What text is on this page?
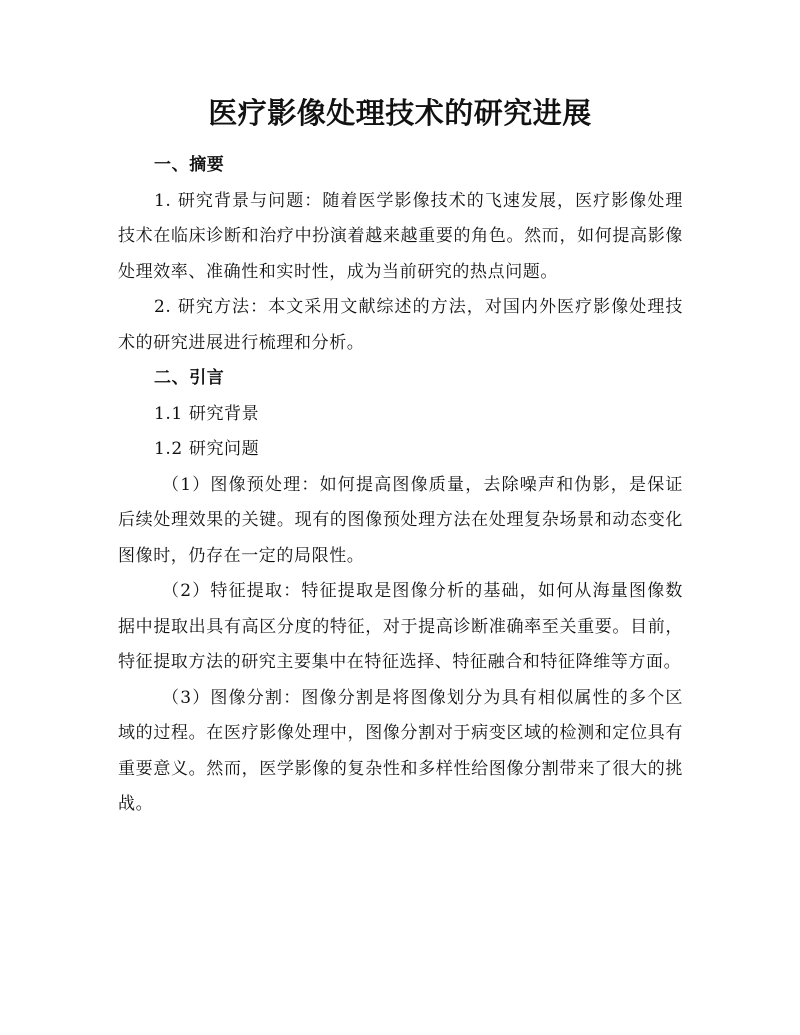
医疗影像处理技术的研究进展

一、摘要

1. 研究背景与问题：随着医学影像技术的飞速发展，医疗影像处理技术在临床诊断和治疗中扮演着越来越重要的角色。然而，如何提高影像处理效率、准确性和实时性，成为当前研究的热点问题。

2. 研究方法：本文采用文献综述的方法，对国内外医疗影像处理技术的研究进展进行梳理和分析。

二、引言

1.1 研究背景

1.2 研究问题

（1）图像预处理：如何提高图像质量，去除噪声和伪影，是保证后续处理效果的关键。现有的图像预处理方法在处理复杂场景和动态变化图像时，仍存在一定的局限性。

（2）特征提取：特征提取是图像分析的基础，如何从海量图像数据中提取出具有高区分度的特征，对于提高诊断准确率至关重要。目前，特征提取方法的研究主要集中在特征选择、特征融合和特征降维等方面。

（3）图像分割：图像分割是将图像划分为具有相似属性的多个区域的过程。在医疗影像处理中，图像分割对于病变区域的检测和定位具有重要意义。然而，医学影像的复杂性和多样性给图像分割带来了很大的挑战。
